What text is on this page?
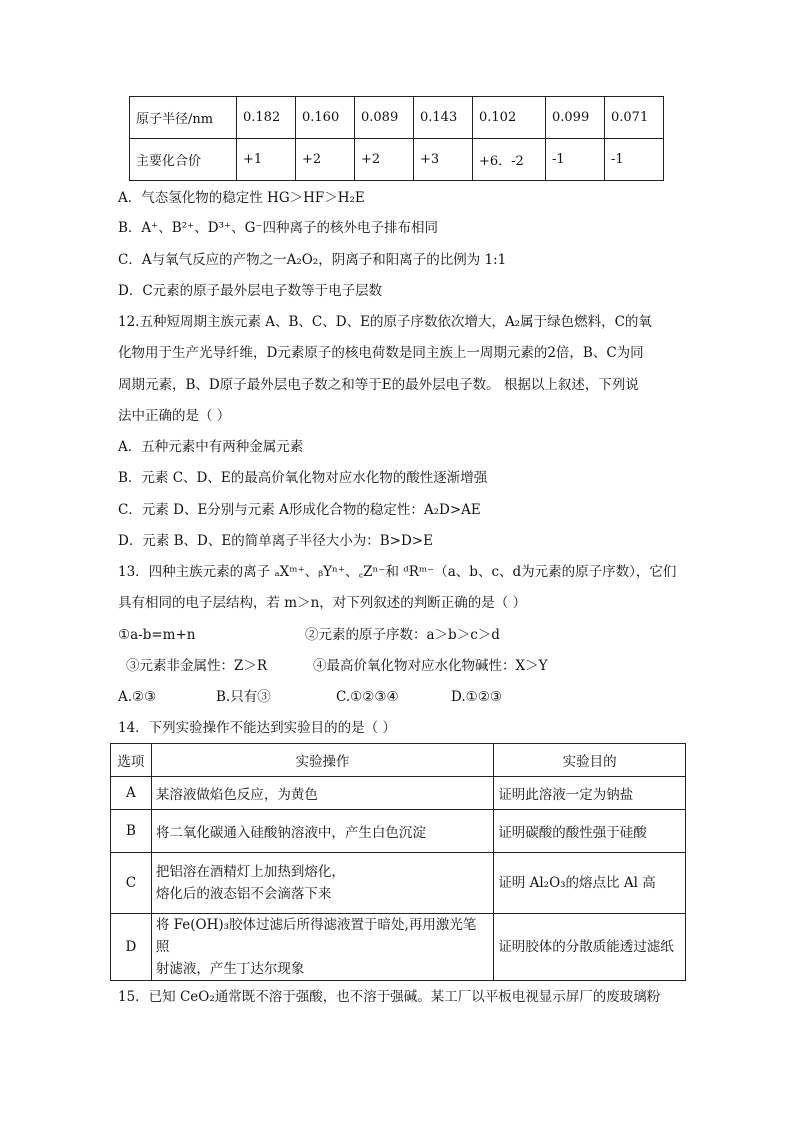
原子半径/nm	0.182	0.160	0.089	0.143	0.102	0.099	0.071
主要化合价	+1	+2	+2	+3	+6．-2	-1	-1
A．气态氢化物的稳定性 HG＞HF＞H₂E
B．A⁺、B²⁺、D³⁺、G⁻四种离子的核外电子排布相同
C．A与氧气反应的产物之一A₂O₂，阴离子和阳离子的比例为 1:1
D．C元素的原子最外层电子数等于电子层数
12.五种短周期主族元素 A、B、C、D、E的原子序数依次增大，A₂属于绿色燃料，C的氧
化物用于生产光导纤维，D元素原子的核电荷数是同主族上一周期元素的2倍，B、C为同
周期元素，B、D原子最外层电子数之和等于E的最外层电子数。 根据以上叙述，下列说
法中正确的是（ ）
A．五种元素中有两种金属元素
B．元素 C、D、E的最高价氧化物对应水化物的酸性逐渐增强
C．元素 D、E分别与元素 A形成化合物的稳定性：A₂D>AE
D．元素 B、D、E的简单离子半径大小为：B>D>E
13．四种主族元素的离子 ₐXᵐ⁺、ᵦYⁿ⁺、꜀Zⁿ⁻和 ᵈRᵐ⁻（a、b、c、d为元素的原子序数），它们
具有相同的电子层结构，若 m＞n，对下列叙述的判断正确的是（ ）
①a-b=m+n	②元素的原子序数：a＞b＞c＞d
③元素非金属性：Z＞R	④最高价氧化物对应水化物碱性：X＞Y
A.②③	B.只有③	C.①②③④	D.①②③
14．下列实验操作不能达到实验目的的是（ ）
选项	实验操作	实验目的
A	某溶液做焰色反应，为黄色	证明此溶液一定为钠盐
B	将二氧化碳通入硅酸钠溶液中，产生白色沉淀	证明碳酸的酸性强于硅酸
C	把铝溶在酒精灯上加热到熔化，
熔化后的液态铝不会滴落下来	证明 Al₂O₃的熔点比 Al 高
D	将 Fe(OH)₃胶体过滤后所得滤液置于暗处,再用激光笔照
射滤液，产生丁达尔现象	证明胶体的分散质能透过滤纸
15．已知 CeO₂通常既不溶于强酸，也不溶于强碱。某工厂以平板电视显示屏厂的废玻璃粉
